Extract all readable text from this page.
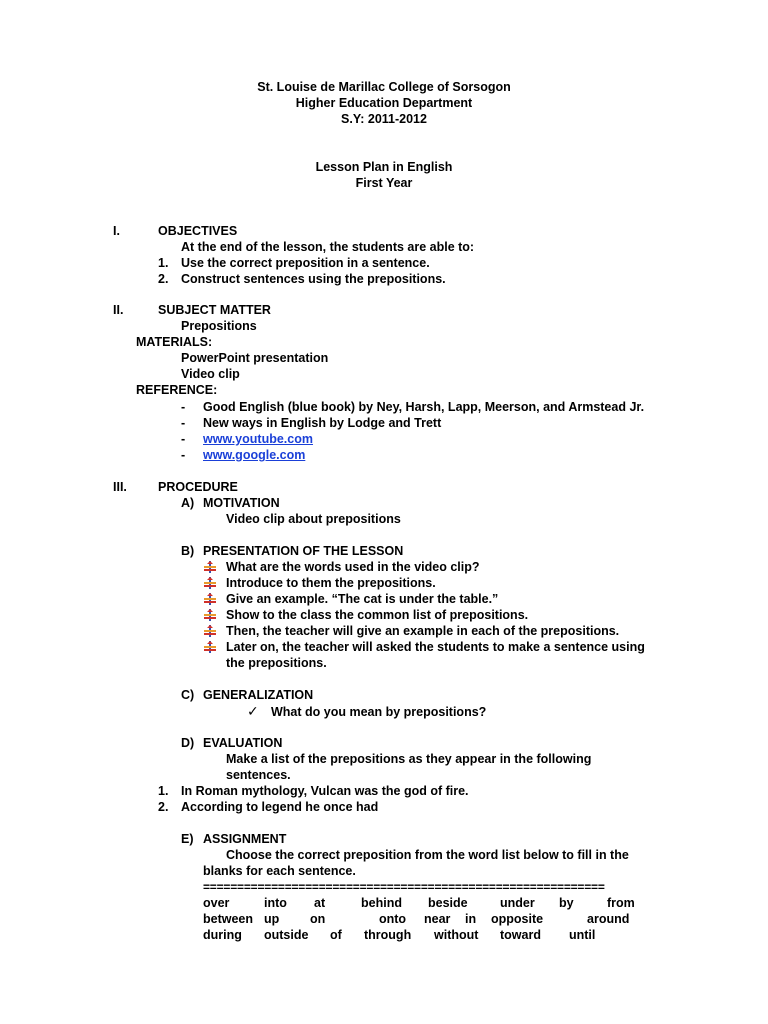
St. Louise de Marillac College of Sorsogon
Higher Education Department
S.Y: 2011-2012
Lesson Plan in English
First Year
I.	OBJECTIVES
At the end of the lesson, the students are able to:
1. Use the correct preposition in a sentence.
2. Construct sentences using the prepositions.
II.	SUBJECT MATTER
Prepositions
MATERIALS:
PowerPoint presentation
Video clip
REFERENCE:
- Good English (blue book) by Ney, Harsh, Lapp, Meerson, and Armstead Jr.
- New ways in English by Lodge and Trett
- www.youtube.com
- www.google.com
III. PROCEDURE
A) MOTIVATION
Video clip about prepositions
B) PRESENTATION OF THE LESSON
What are the words used in the video clip?
Introduce to them the prepositions.
Give an example. “The cat is under the table.”
Show to the class the common list of prepositions.
Then, the teacher will give an example in each of the prepositions.
Later on, the teacher will asked the students to make a sentence using
the prepositions.
C) GENERALIZATION
✓ What do you mean by prepositions?
D) EVALUATION
Make a list of the prepositions as they appear in the following
sentences.
1. In Roman mythology, Vulcan was the god of fire.
2. According to legend he once had
E) ASSIGNMENT
Choose the correct preposition from the word list below to fill in the
blanks for each sentence.
===========================================================
over	into at	behind beside	under by	from
between up on	onto near in opposite	around
during outside of through without toward until
